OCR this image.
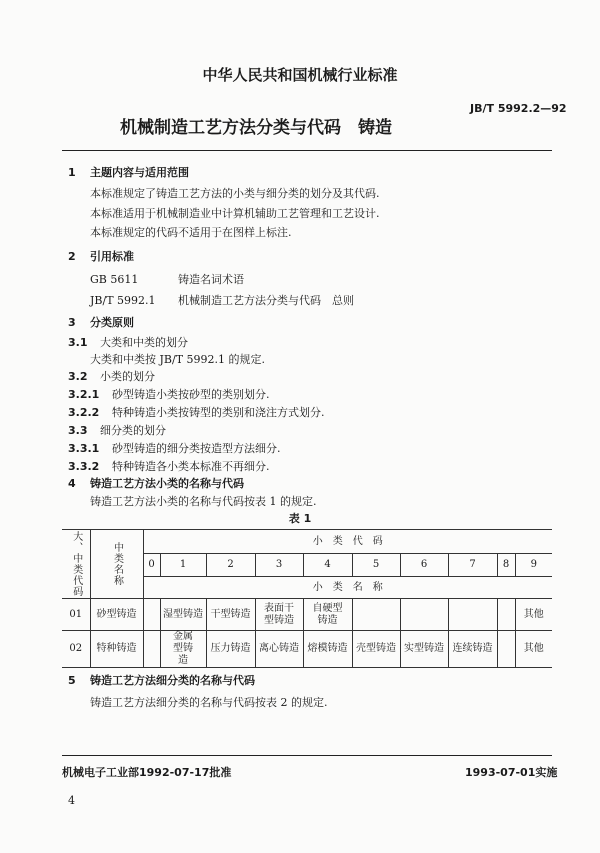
中华人民共和国机械行业标准
JB/T 5992.2—92
机械制造工艺方法分类与代码　铸造
1 主题内容与适用范围
本标准规定了铸造工艺方法的小类与细分类的划分及其代码.
本标准适用于机械制造业中计算机辅助工艺管理和工艺设计.
本标准规定的代码不适用于在图样上标注.
2 引用标准
GB 5611	铸造名词术语
JB/T 5992.1 机械制造工艺方法分类与代码　总则
3 分类原则
3.1 大类和中类的划分
大类和中类按 JB/T 5992.1 的规定.
3.2 小类的划分
3.2.1 砂型铸造小类按砂型的类别划分.
3.2.2 特种铸造小类按铸型的类别和浇注方式划分.
3.3 细分类的划分
3.3.1 砂型铸造的细分类按造型方法细分.
3.3.2 特种铸造各小类本标准不再细分.
4 铸造工艺方法小类的名称与代码
铸造工艺方法小类的名称与代码按表 1 的规定.
表 1
大、中类代码	中类名称	小　类　代　码									
		0	1	2	3	4	5	6	7	8	9
		小　类　名　称									
01	砂型铸造		湿型铸造	干型铸造	表面干型铸造	自硬型铸造					其他
02	特种铸造		金属型铸造	压力铸造	离心铸造	熔模铸造	壳型铸造	实型铸造	连续铸造		其他
5 铸造工艺方法细分类的名称与代码
铸造工艺方法细分类的名称与代码按表 2 的规定.
机械电子工业部1992-07-17批准	1993-07-01实施
4
